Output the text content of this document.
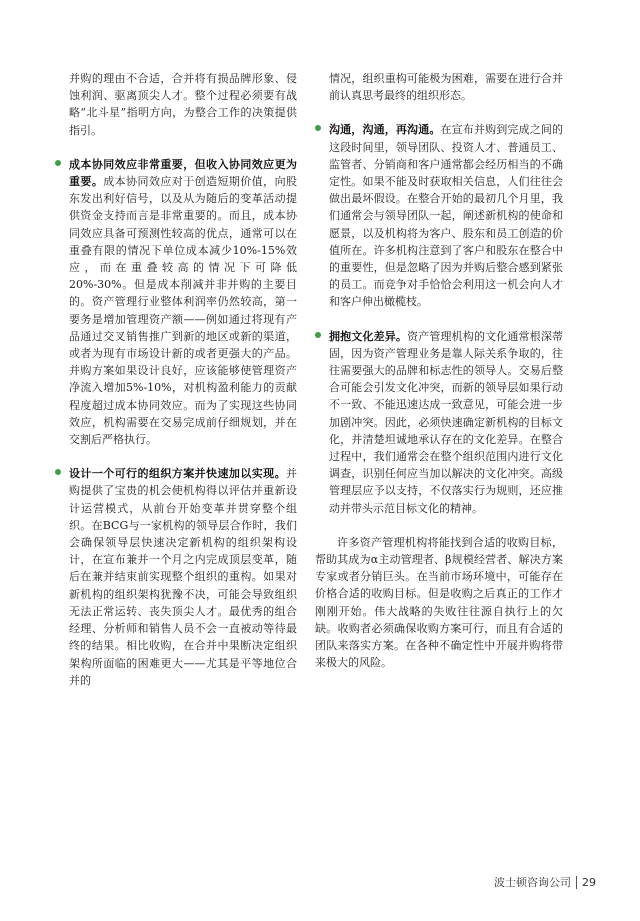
并购的理由不合适，合并将有损品牌形象、侵蚀利润、驱离顶尖人才。整个过程必须要有战略“北斗星”指明方向，为整合工作的决策提供指引。

成本协同效应非常重要，但收入协同效应更为重要。成本协同效应对于创造短期价值，向股东发出利好信号，以及从为随后的变革活动提供资金支持而言是非常重要的。而且，成本协同效应具备可预测性较高的优点，通常可以在重叠有限的情况下单位成本减少10%-15%效应，而在重叠较高的情况下可降低20%-30%。但是成本削减并非并购的主要目的。资产管理行业整体利润率仍然较高，第一要务是增加管理资产额——例如通过将现有产品通过交叉销售推广到新的地区或新的渠道，或者为现有市场设计新的或者更强大的产品。并购方案如果设计良好，应该能够使管理资产净流入增加5%-10%，对机构盈利能力的贡献程度超过成本协同效应。而为了实现这些协同效应，机构需要在交易完成前仔细规划，并在交割后严格执行。
设计一个可行的组织方案并快速加以实现。并购提供了宝贵的机会使机构得以评估并重新设计运营模式，从前台开始变革并贯穿整个组织。在BCG与一家机构的领导层合作时，我们会确保领导层快速决定新机构的组织架构设计，在宣布兼并一个月之内完成顶层变革，随后在兼并结束前实现整个组织的重构。如果对新机构的组织架构犹豫不决，可能会导致组织无法正常运转、丧失顶尖人才。最优秀的组合经理、分析师和销售人员不会一直被动等待最终的结果。相比收购，在合并中果断决定组织架构所面临的困难更大——尤其是平等地位合并的

情况，组织重构可能极为困难，需要在进行合并前认真思考最终的组织形态。

沟通，沟通，再沟通。在宣布并购到完成之间的这段时间里，领导团队、投资人才、普通员工、监管者、分销商和客户通常都会经历相当的不确定性。如果不能及时获取相关信息，人们往往会做出最坏假设。在整合开始的最初几个月里，我们通常会与领导团队一起，阐述新机构的使命和愿景，以及机构将为客户、股东和员工创造的价值所在。许多机构注意到了客户和股东在整合中的重要性，但是忽略了因为并购后整合感到紧张的员工。而竞争对手恰恰会利用这一机会向人才和客户伸出橄榄枝。
拥抱文化差异。资产管理机构的文化通常根深蒂固，因为资产管理业务是靠人际关系争取的，往往需要强大的品牌和标志性的领导人。交易后整合可能会引发文化冲突，而新的领导层如果行动不一致、不能迅速达成一致意见，可能会进一步加剧冲突。因此，必须快速确定新机构的目标文化，并清楚坦诚地承认存在的文化差异。在整合过程中，我们通常会在整个组织范围内进行文化调查，识别任何应当加以解决的文化冲突。高级管理层应予以支持，不仅落实行为规则，还应推动并带头示范目标文化的精神。

许多资产管理机构将能找到合适的收购目标，帮助其成为α主动管理者、β规模经营者、解决方案专家或者分销巨头。在当前市场环境中，可能存在价格合适的收购目标。但是收购之后真正的工作才刚刚开始。伟大战略的失败往往源自执行上的欠缺。收购者必须确保收购方案可行，而且有合适的团队来落实方案。在各种不确定性中开展并购将带来极大的风险。

波士顿咨询公司 29
